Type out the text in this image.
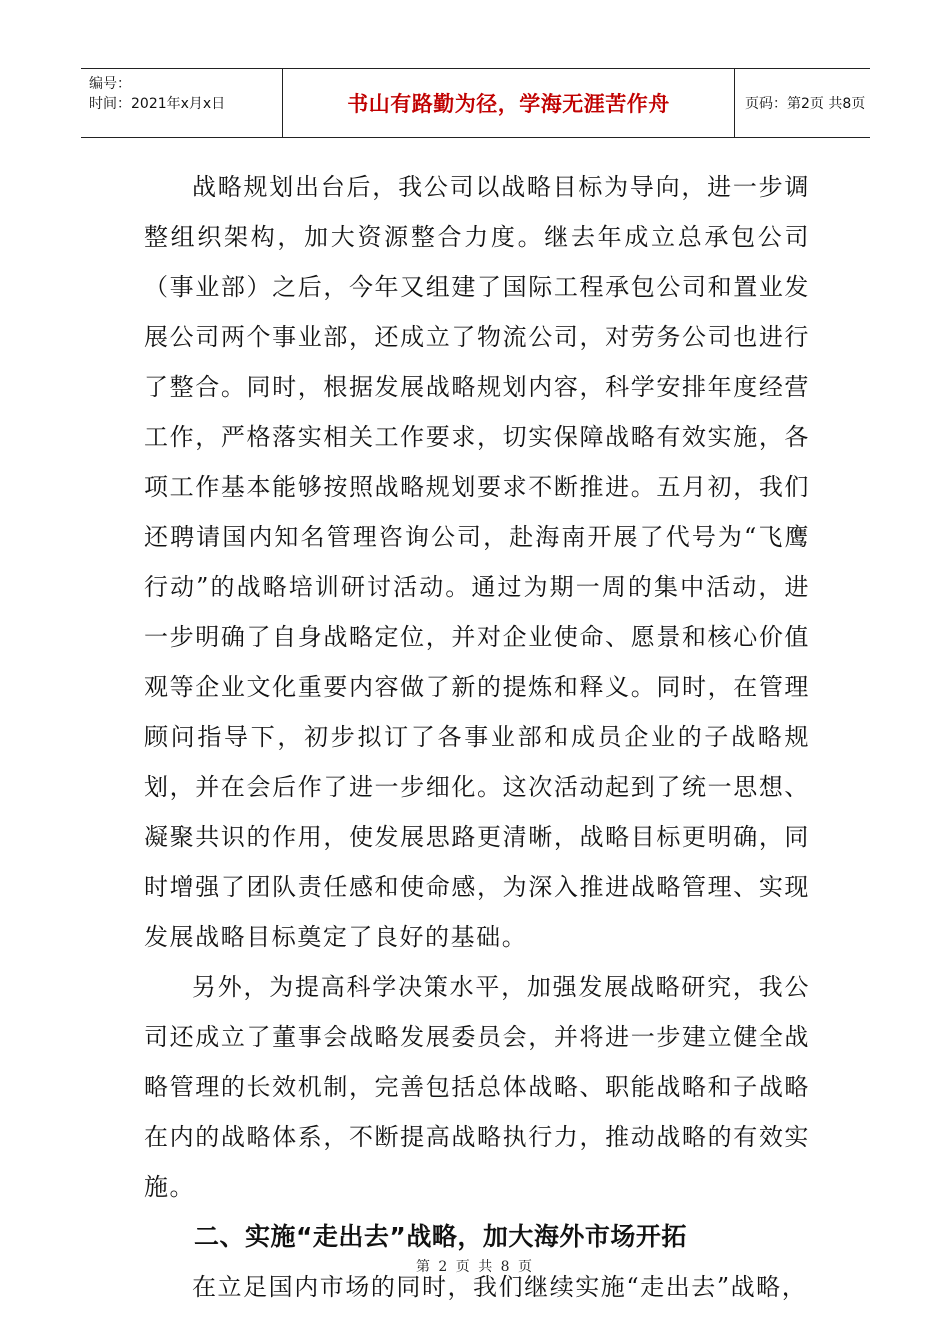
编号：
时间：2021年x月x日	书山有路勤为径，学海无涯苦作舟	页码：第2页 共8页

战略规划出台后，我公司以战略目标为导向，进一步调整组织架构，加大资源整合力度。继去年成立总承包公司（事业部）之后，今年又组建了国际工程承包公司和置业发展公司两个事业部，还成立了物流公司，对劳务公司也进行了整合。同时，根据发展战略规划内容，科学安排年度经营工作，严格落实相关工作要求，切实保障战略有效实施，各项工作基本能够按照战略规划要求不断推进。五月初，我们还聘请国内知名管理咨询公司，赴海南开展了代号为“飞鹰行动”的战略培训研讨活动。通过为期一周的集中活动，进一步明确了自身战略定位，并对企业使命、愿景和核心价值观等企业文化重要内容做了新的提炼和释义。同时，在管理顾问指导下，初步拟订了各事业部和成员企业的子战略规划，并在会后作了进一步细化。这次活动起到了统一思想、凝聚共识的作用，使发展思路更清晰，战略目标更明确，同时增强了团队责任感和使命感，为深入推进战略管理、实现发展战略目标奠定了良好的基础。

另外，为提高科学决策水平，加强发展战略研究，我公司还成立了董事会战略发展委员会，并将进一步建立健全战略管理的长效机制，完善包括总体战略、职能战略和子战略在内的战略体系，不断提高战略执行力，推动战略的有效实施。

二、实施“走出去”战略，加大海外市场开拓

在立足国内市场的同时，我们继续实施“走出去”战略，

第 2 页 共 8 页
